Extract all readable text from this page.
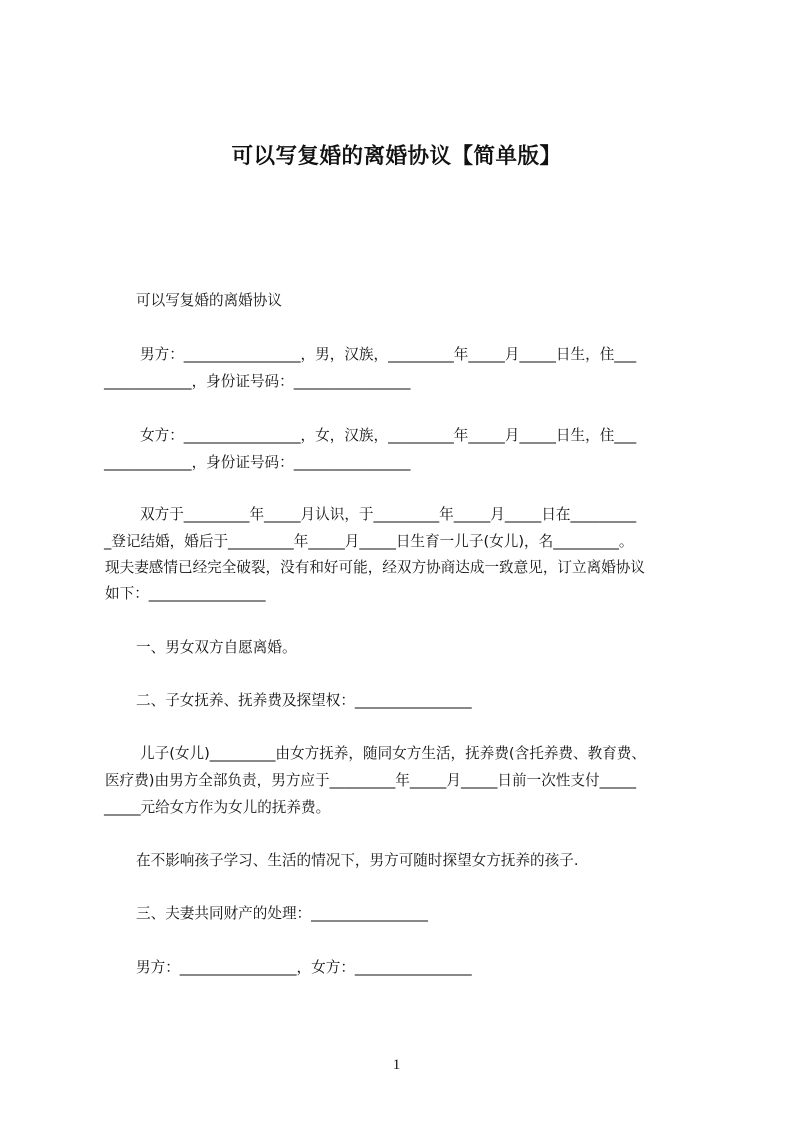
可以写复婚的离婚协议【简单版】
可以写复婚的离婚协议
男方：________________，男，汉族，_________年_____月_____日生，住___
____________，身份证号码：________________
女方：________________，女，汉族，_________年_____月_____日生，住___
____________，身份证号码：________________
双方于_________年_____月认识，于_________年_____月_____日在_________
_登记结婚，婚后于_________年_____月_____日生育一儿子(女儿)，名_________。
现夫妻感情已经完全破裂，没有和好可能，经双方协商达成一致意见，订立离婚协议
如下：________________
一、男女双方自愿离婚。
二、子女抚养、抚养费及探望权：________________
儿子(女儿)_________由女方抚养，随同女方生活，抚养费(含托养费、教育费、
医疗费)由男方全部负责，男方应于_________年_____月_____日前一次性支付_____
_____元给女方作为女儿的抚养费。
在不影响孩子学习、生活的情况下，男方可随时探望女方抚养的孩子.
三、夫妻共同财产的处理：________________
男方：________________，女方：________________
1
